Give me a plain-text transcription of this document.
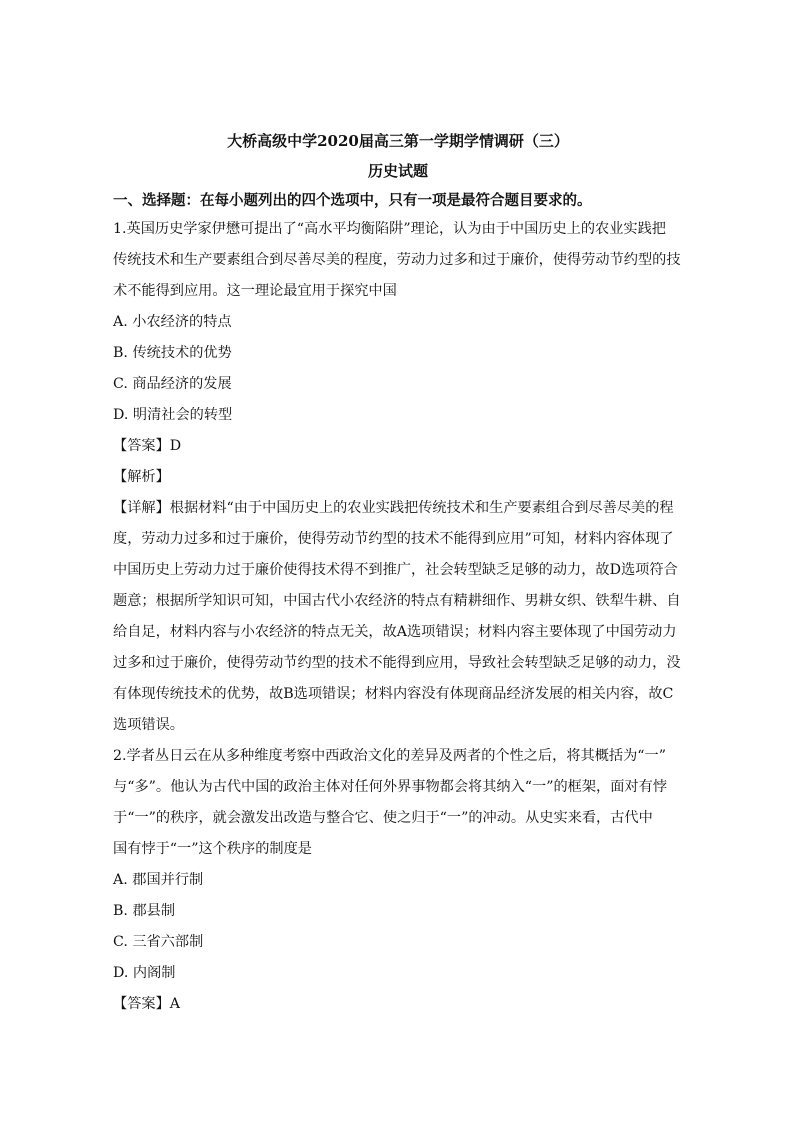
大桥高级中学2020届高三第一学期学情调研（三）
历史试题
一、选择题：在每小题列出的四个选项中，只有一项是最符合题目要求的。

1.英国历史学家伊懋可提出了“高水平均衡陷阱”理论，认为由于中国历史上的农业实践把

传统技术和生产要素组合到尽善尽美的程度，劳动力过多和过于廉价，使得劳动节约型的技

术不能得到应用。这一理论最宜用于探究中国

A. 小农经济的特点
B. 传统技术的优势
C. 商品经济的发展
D. 明清社会的转型
【答案】D
【解析】

【详解】根据材料“由于中国历史上的农业实践把传统技术和生产要素组合到尽善尽美的程

度，劳动力过多和过于廉价，使得劳动节约型的技术不能得到应用”可知，材料内容体现了

中国历史上劳动力过于廉价使得技术得不到推广，社会转型缺乏足够的动力，故D选项符合

题意；根据所学知识可知，中国古代小农经济的特点有精耕细作、男耕女织、铁犁牛耕、自

给自足，材料内容与小农经济的特点无关，故A选项错误；材料内容主要体现了中国劳动力

过多和过于廉价，使得劳动节约型的技术不能得到应用，导致社会转型缺乏足够的动力，没

有体现传统技术的优势，故B选项错误；材料内容没有体现商品经济发展的相关内容，故C

选项错误。

2.学者丛日云在从多种维度考察中西政治文化的差异及两者的个性之后，将其概括为“一”

与“多”。他认为古代中国的政治主体对任何外界事物都会将其纳入“一”的框架，面对有悖

于“一”的秩序，就会激发出改造与整合它、使之归于“一”的冲动。从史实来看，古代中

国有悖于“一”这个秩序的制度是

A. 郡国并行制
B. 郡县制
C. 三省六部制
D. 内阁制
【答案】A
